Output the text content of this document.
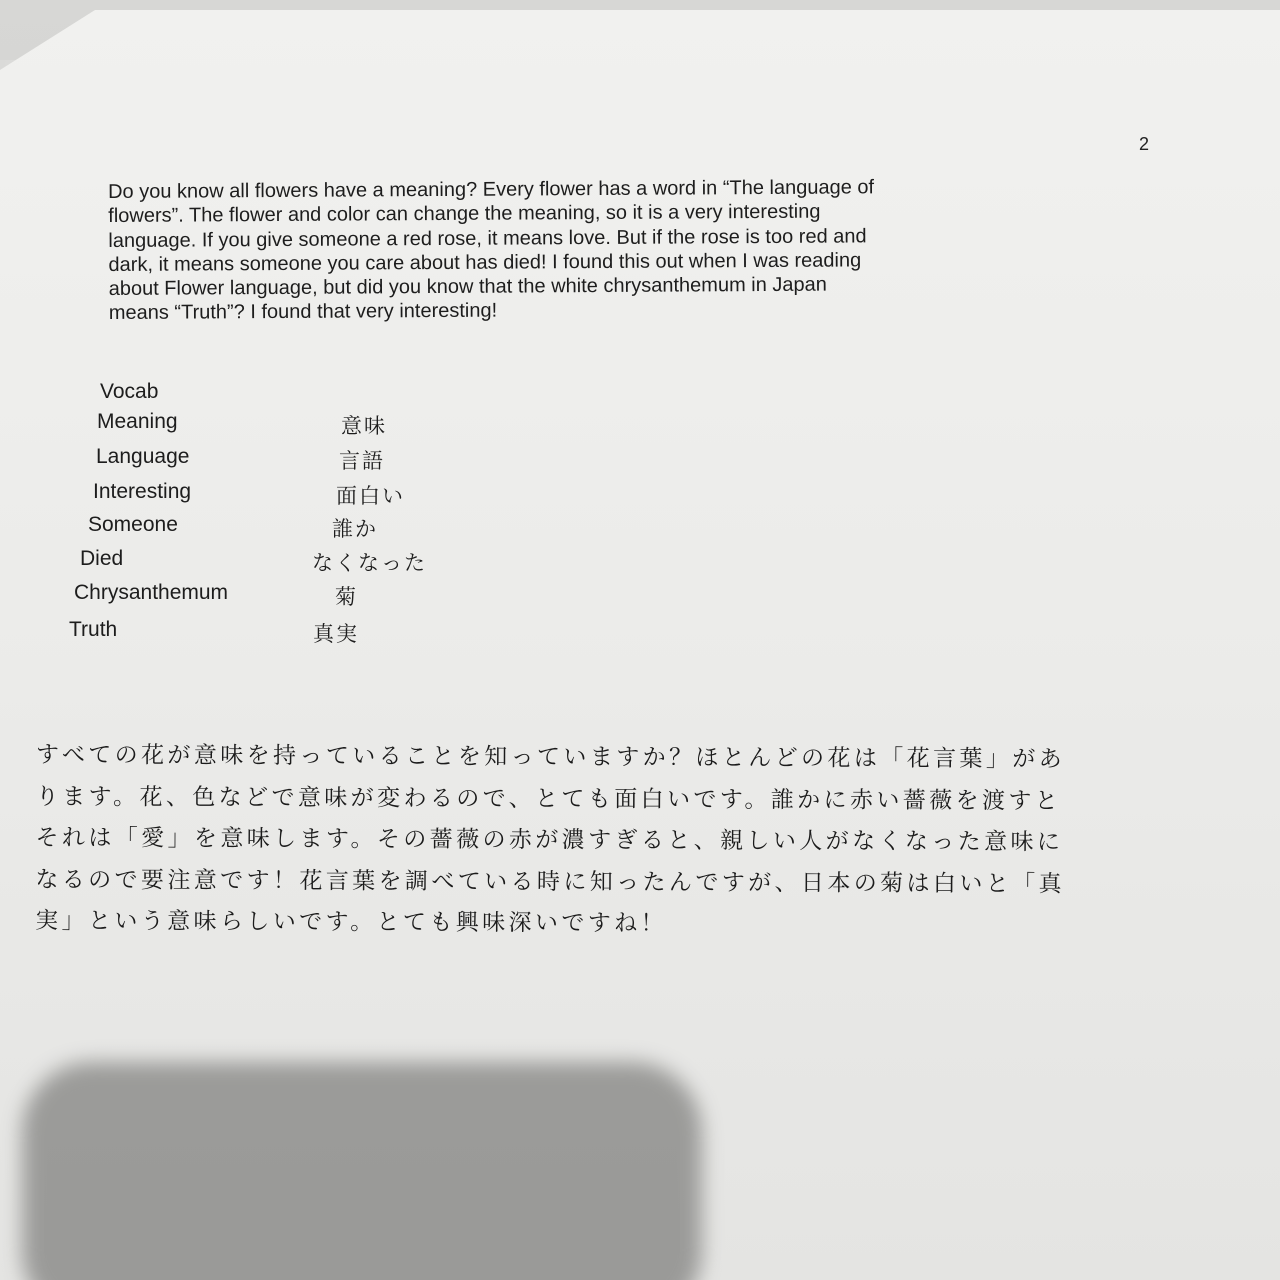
2

Do you know all flowers have a meaning? Every flower has a word in “The language of
flowers”. The flower and color can change the meaning, so it is a very interesting
language. If you give someone a red rose, it means love. But if the rose is too red and
dark, it means someone you care about has died! I found this out when I was reading
about Flower language, but did you know that the white chrysanthemum in Japan
means “Truth”? I found that very interesting!

Vocab
Meaning	意味
Language	言語
Interesting	面白い
Someone	誰か
Died	なくなった
Chrysanthemum	菊
Truth	真実

すべての花が意味を持っていることを知っていますか？ほとんどの花は「花言葉」があ
ります。花、色などで意味が変わるので、とても面白いです。誰かに赤い薔薇を渡すと
それは「愛」を意味します。その薔薇の赤が濃すぎると、親しい人がなくなった意味に
なるので要注意です！花言葉を調べている時に知ったんですが、日本の菊は白いと「真
実」という意味らしいです。とても興味深いですね！
